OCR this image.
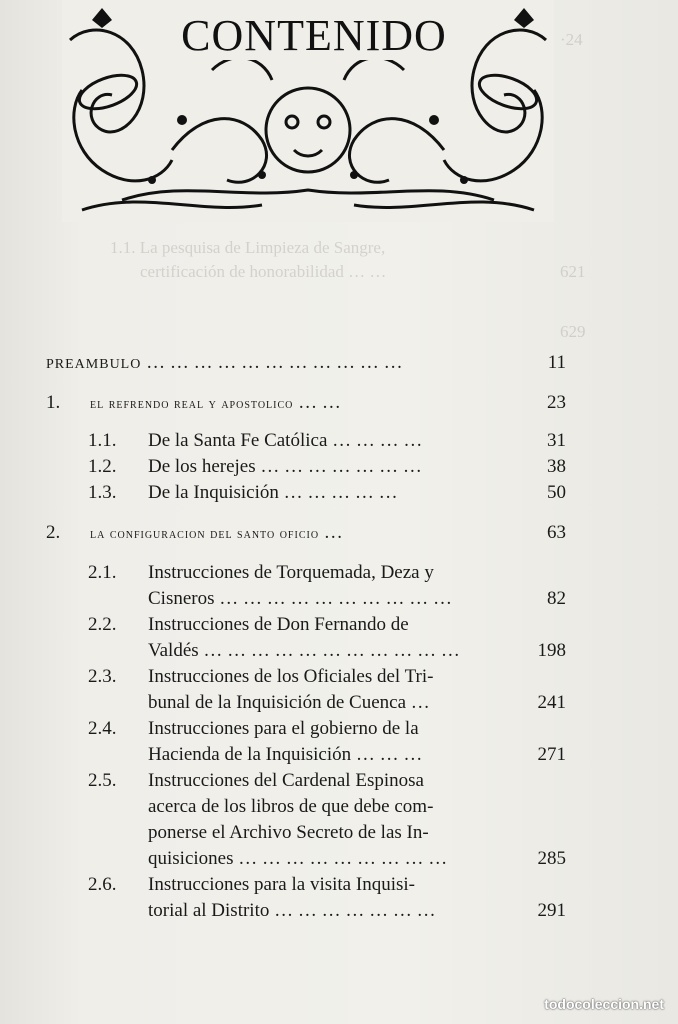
·24
1.1. La pesquisa de Limpieza de Sangre,
certificación de honorabilidad … …	621
629
CONTENIDO
PREAMBULO … … … … … … … … … … …	11
1. el refrendo real y apostolico … …	23
1.1. De la Santa Fe Católica … … … …	31
1.2. De los herejes … … … … … … …	38
1.3. De la Inquisición … … … … …	50
2. la configuracion del santo oficio …	63
2.1. Instrucciones de Torquemada, Deza y
Cisneros … … … … … … … … … …	82
2.2. Instrucciones de Don Fernando de
Valdés … … … … … … … … … … …	198
2.3. Instrucciones de los Oficiales del Tri-
bunal de la Inquisición de Cuenca …	241
2.4. Instrucciones para el gobierno de la
Hacienda de la Inquisición … … …	271
2.5. Instrucciones del Cardenal Espinosa
acerca de los libros de que debe com-
ponerse el Archivo Secreto de las In-
quisiciones … … … … … … … … …	285
2.6. Instrucciones para la visita Inquisi-
torial al Distrito … … … … … … …	291
todocoleccion.net
